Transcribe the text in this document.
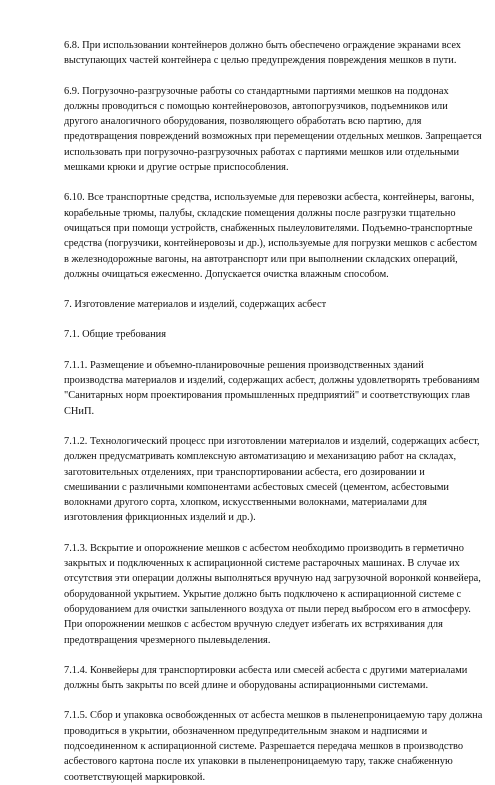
6.8. При использовании контейнеров должно быть обеспечено ограждение экранами всех
выступающих частей контейнера с целью предупреждения повреждения мешков в пути.
6.9. Погрузочно-разгрузочные работы со стандартными партиями мешков на поддонах
должны проводиться с помощью контейнеровозов, автопогрузчиков, подъемников или
другого аналогичного оборудования, позволяющего обработать всю партию, для
предотвращения повреждений возможных при перемещении отдельных мешков. Запрещается
использовать при погрузочно-разгрузочных работах с партиями мешков или отдельными
мешками крюки и другие острые приспособления.
6.10. Все транспортные средства, используемые для перевозки асбеста, контейнеры, вагоны,
корабельные трюмы, палубы, складские помещения должны после разгрузки тщательно
очищаться при помощи устройств, снабженных пылеуловителями. Подъемно-транспортные
средства (погрузчики, контейнеровозы и др.), используемые для погрузки мешков с асбестом
в железнодорожные вагоны, на автотранспорт или при выполнении складских операций,
должны очищаться ежесменно. Допускается очистка влажным способом.
7. Изготовление материалов и изделий, содержащих асбест
7.1. Общие требования
7.1.1. Размещение и объемно-планировочные решения производственных зданий
производства материалов и изделий, содержащих асбест, должны удовлетворять требованиям
"Санитарных норм проектирования промышленных предприятий" и соответствующих глав
СНиП.
7.1.2. Технологический процесс при изготовлении материалов и изделий, содержащих асбест,
должен предусматривать комплексную автоматизацию и механизацию работ на складах,
заготовительных отделениях, при транспортировании асбеста, его дозировании и
смешивании с различными компонентами асбестовых смесей (цементом, асбестовыми
волокнами другого сорта, хлопком, искусственными волокнами, материалами для
изготовления фрикционных изделий и др.).
7.1.3. Вскрытие и опорожнение мешков с асбестом необходимо производить в герметично
закрытых и подключенных к аспирационной системе растарочных машинах. В случае их
отсутствия эти операции должны выполняться вручную над загрузочной воронкой конвейера,
оборудованной укрытием. Укрытие должно быть подключено к аспирационной системе с
оборудованием для очистки запыленного воздуха от пыли перед выбросом его в атмосферу.
При опорожнении мешков с асбестом вручную следует избегать их встряхивания для
предотвращения чрезмерного пылевыделения.
7.1.4. Конвейеры для транспортировки асбеста или смесей асбеста с другими материалами
должны быть закрыты по всей длине и оборудованы аспирационными системами.
7.1.5. Сбор и упаковка освобожденных от асбеста мешков в пыленепроницаемую тару должна
проводиться в укрытии, обозначенном предупредительным знаком и надписями и
подсоединенном к аспирационной системе. Разрешается передача мешков в производство
асбестового картона после их упаковки в пыленепроницаемую тару, также снабженную
соответствующей маркировкой.
